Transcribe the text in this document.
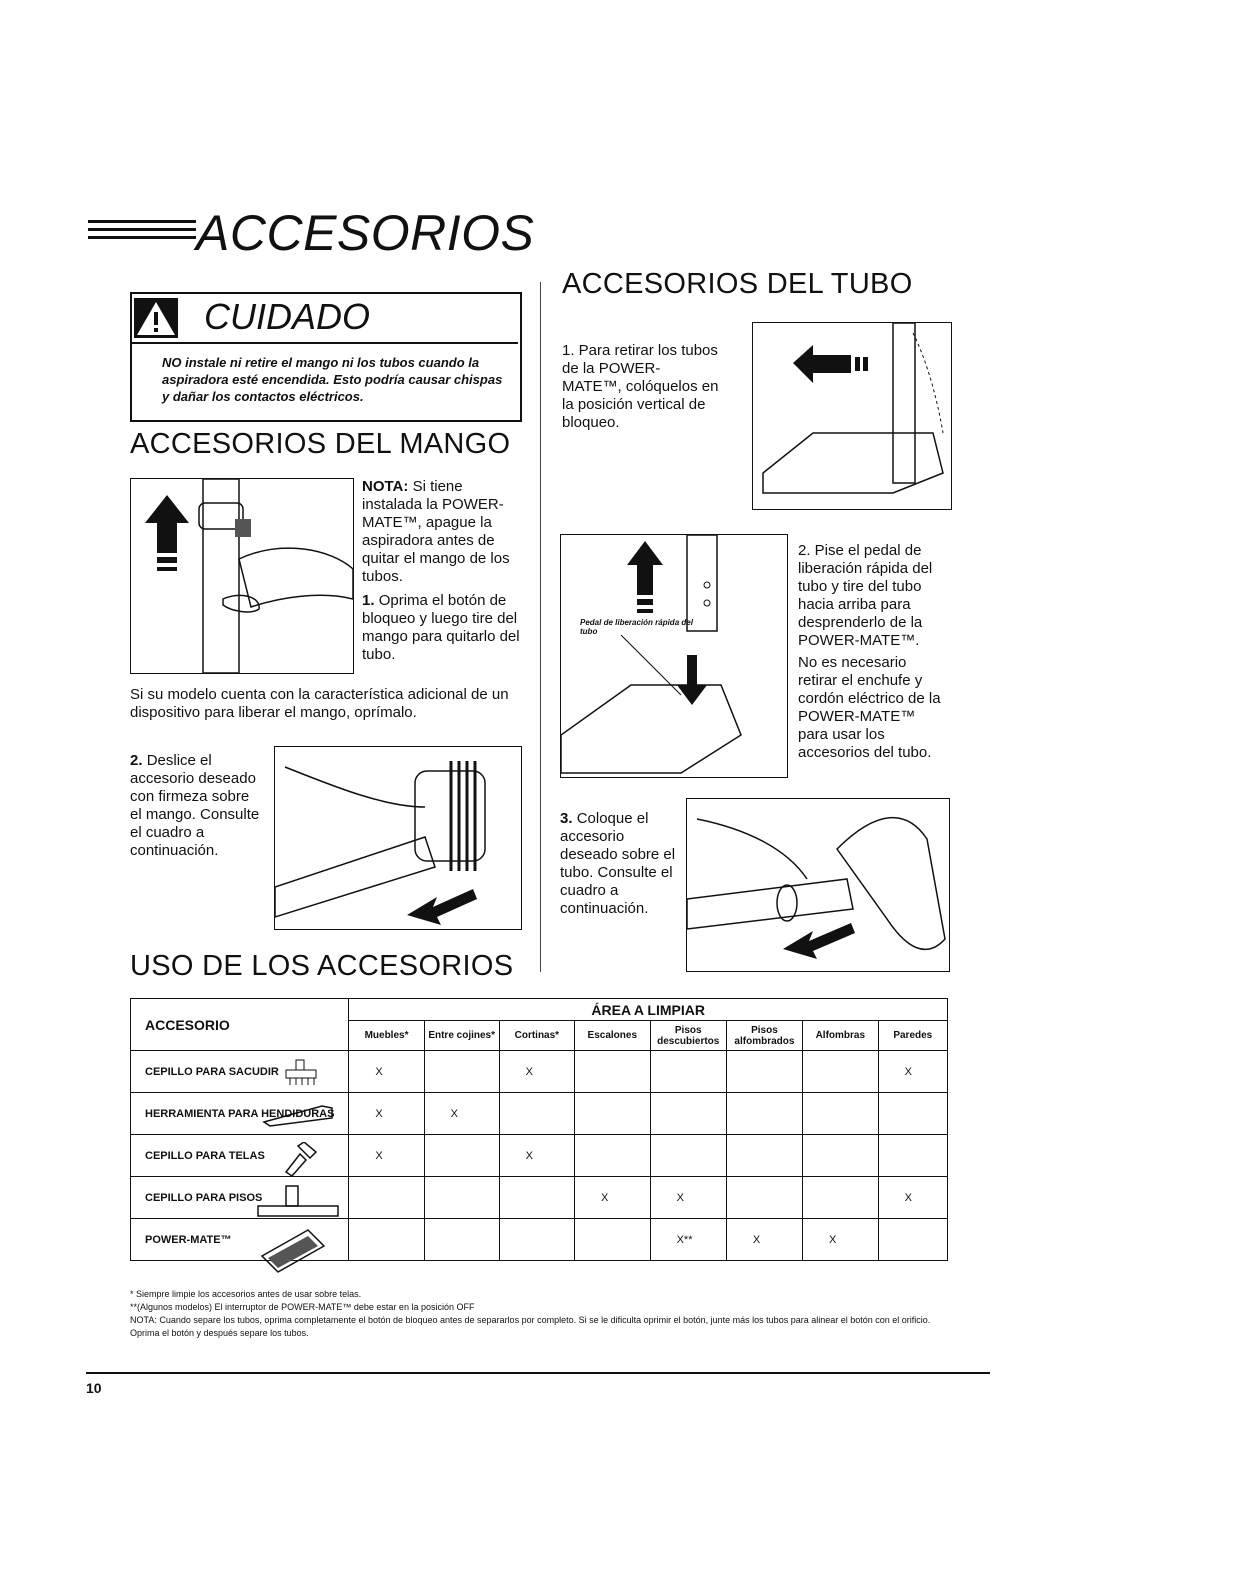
ACCESORIOS
CUIDADO
NO instale ni retire el mango ni los tubos cuando la aspiradora esté encendida. Esto podría causar chispas y dañar los contactos eléctricos.
ACCESORIOS DEL MANGO
NOTA: Si tiene instalada la POWER-MATE™, apague la aspiradora antes de quitar el mango de los tubos.
1. Oprima el botón de bloqueo y luego tire del mango para quitarlo del tubo.
Si su modelo cuenta con la característica adicional de un dispositivo para liberar el mango, oprímalo.
2. Deslice el accesorio deseado con firmeza sobre el mango. Consulte el cuadro a continuación.
USO DE LOS ACCESORIOS
ACCESORIOS DEL TUBO
1. Para retirar los tubos de la POWER-MATE™, colóquelos en la posición vertical de bloqueo.
Pedal de liberación rápida del tubo
2. Pise el pedal de liberación rápida del tubo y tire del tubo hacia arriba para desprenderlo de la POWER-MATE™.
No es necesario retirar el enchufe y cordón eléctrico de la POWER-MATE™ para usar los accesorios del tubo.
3. Coloque el accesorio deseado sobre el tubo. Consulte el cuadro a continuación.
ACCESORIO	ÁREA A LIMPIAR							
	Muebles*	Entre cojines*	Cortinas*	Escalones	Pisos descubiertos	Pisos alfombrados	Alfombras	Paredes
CEPILLO PARA SACUDIR	X		X					X
HERRAMIENTA PARA HENDIDURAS	X	X						
CEPILLO PARA TELAS	X		X					
CEPILLO PARA PISOS				X	X			X
POWER-MATE™					X**	X	X	
* Siempre limpie los accesorios antes de usar sobre telas.
**(Algunos modelos) El interruptor de POWER-MATE™ debe estar en la posición OFF
NOTA: Cuando separe los tubos, oprima completamente el botón de bloqueo antes de separarlos por completo. Si se le dificulta oprimir el botón, junte más los tubos para alinear el botón con el orificio. Oprima el botón y después separe los tubos.
10
